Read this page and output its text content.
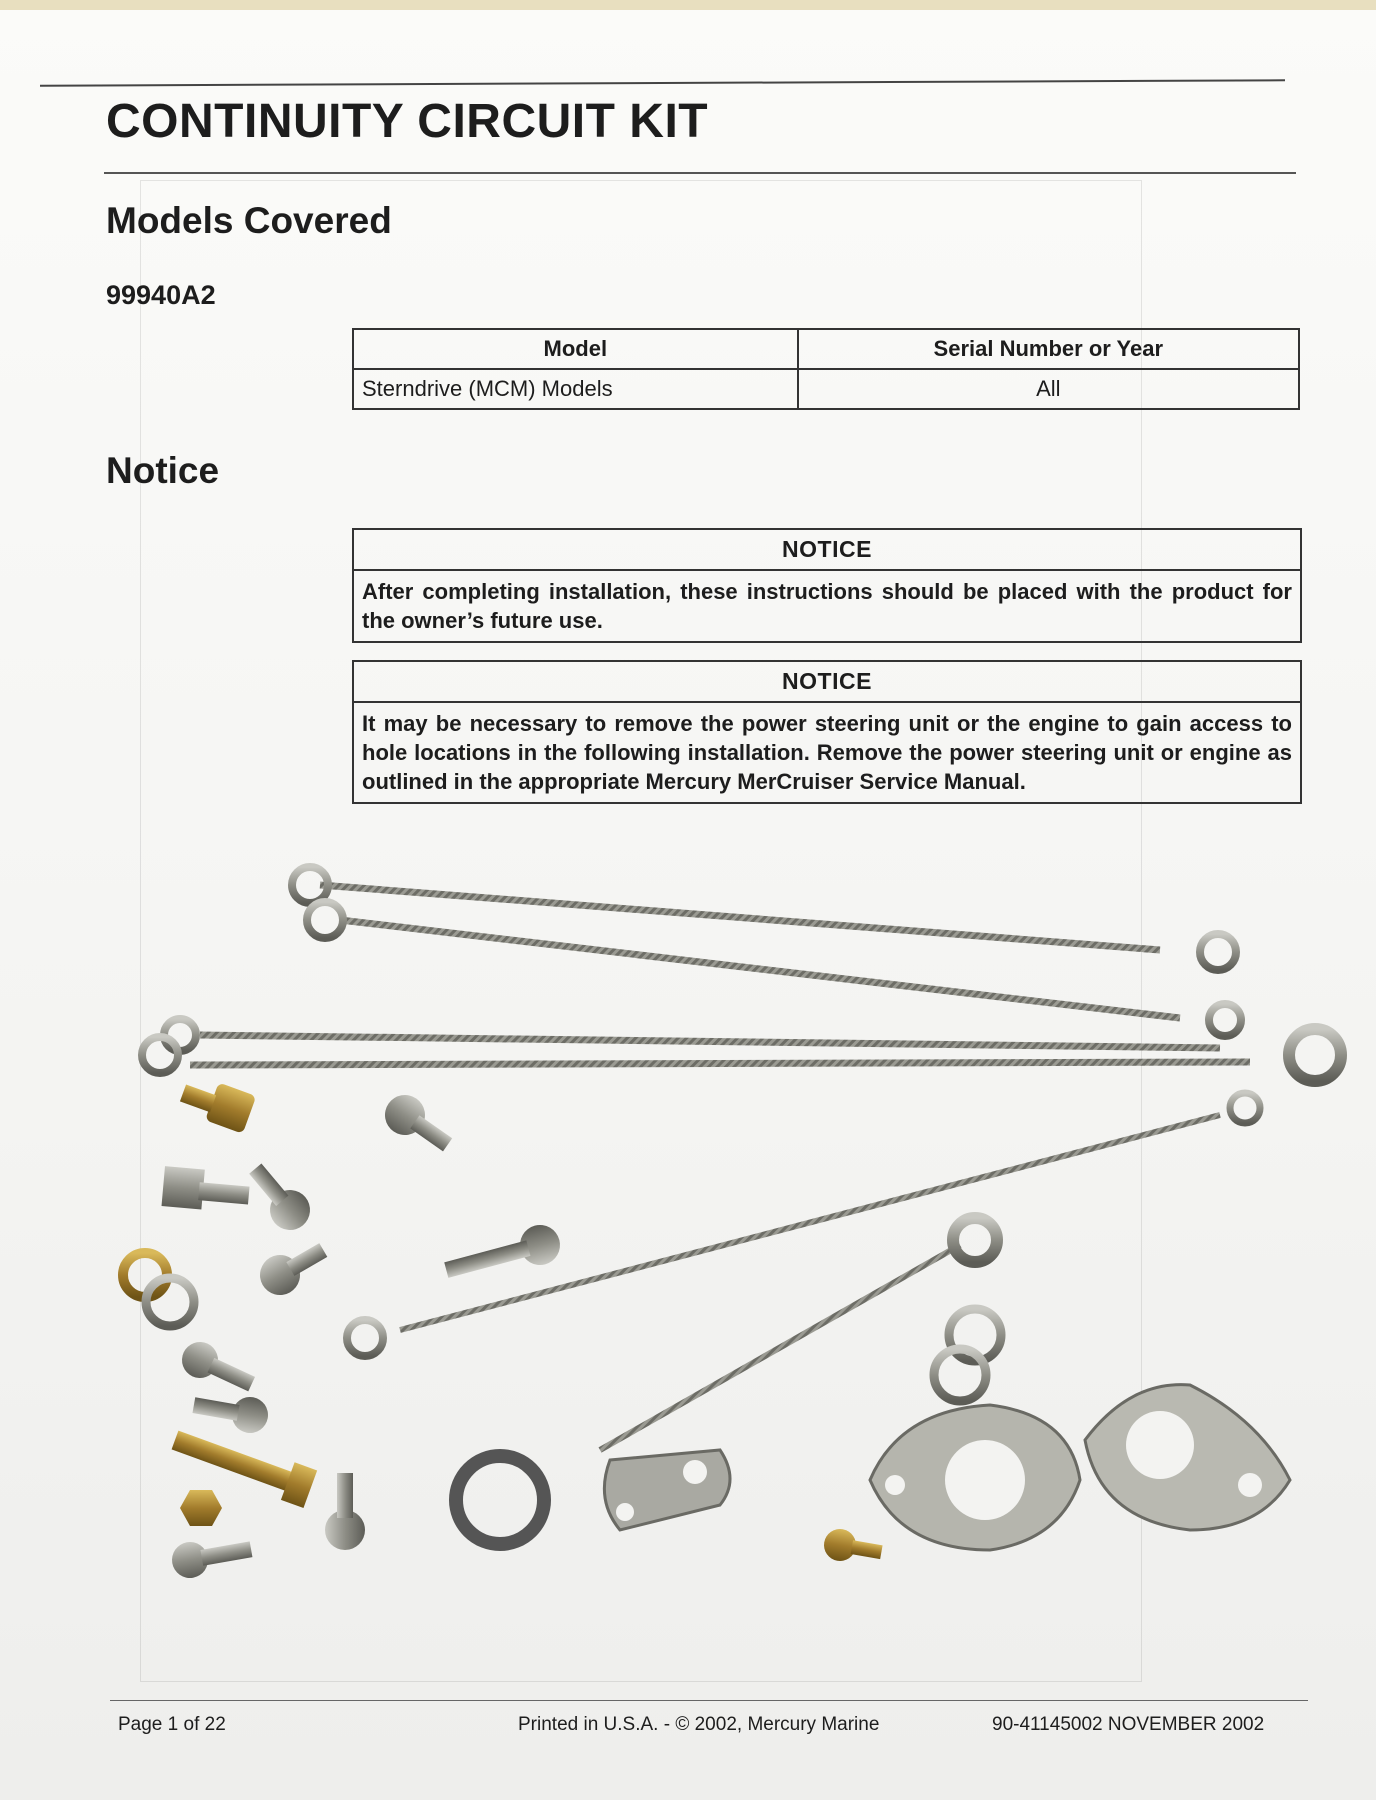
CONTINUITY CIRCUIT KIT
Models Covered
99940A2
Model	Serial Number or Year
Sterndrive (MCM) Models	All
Notice
NOTICE
After completing installation, these instructions should be placed with the product for the owner’s future use.
NOTICE
It may be necessary to remove the power steering unit or the engine to gain access to hole locations in the following installation. Remove the power steering unit or engine as outlined in the appropriate Mercury MerCruiser Service Manual.
Page 1 of 22	Printed in U.S.A. - © 2002, Mercury Marine	90-41145002 NOVEMBER 2002
